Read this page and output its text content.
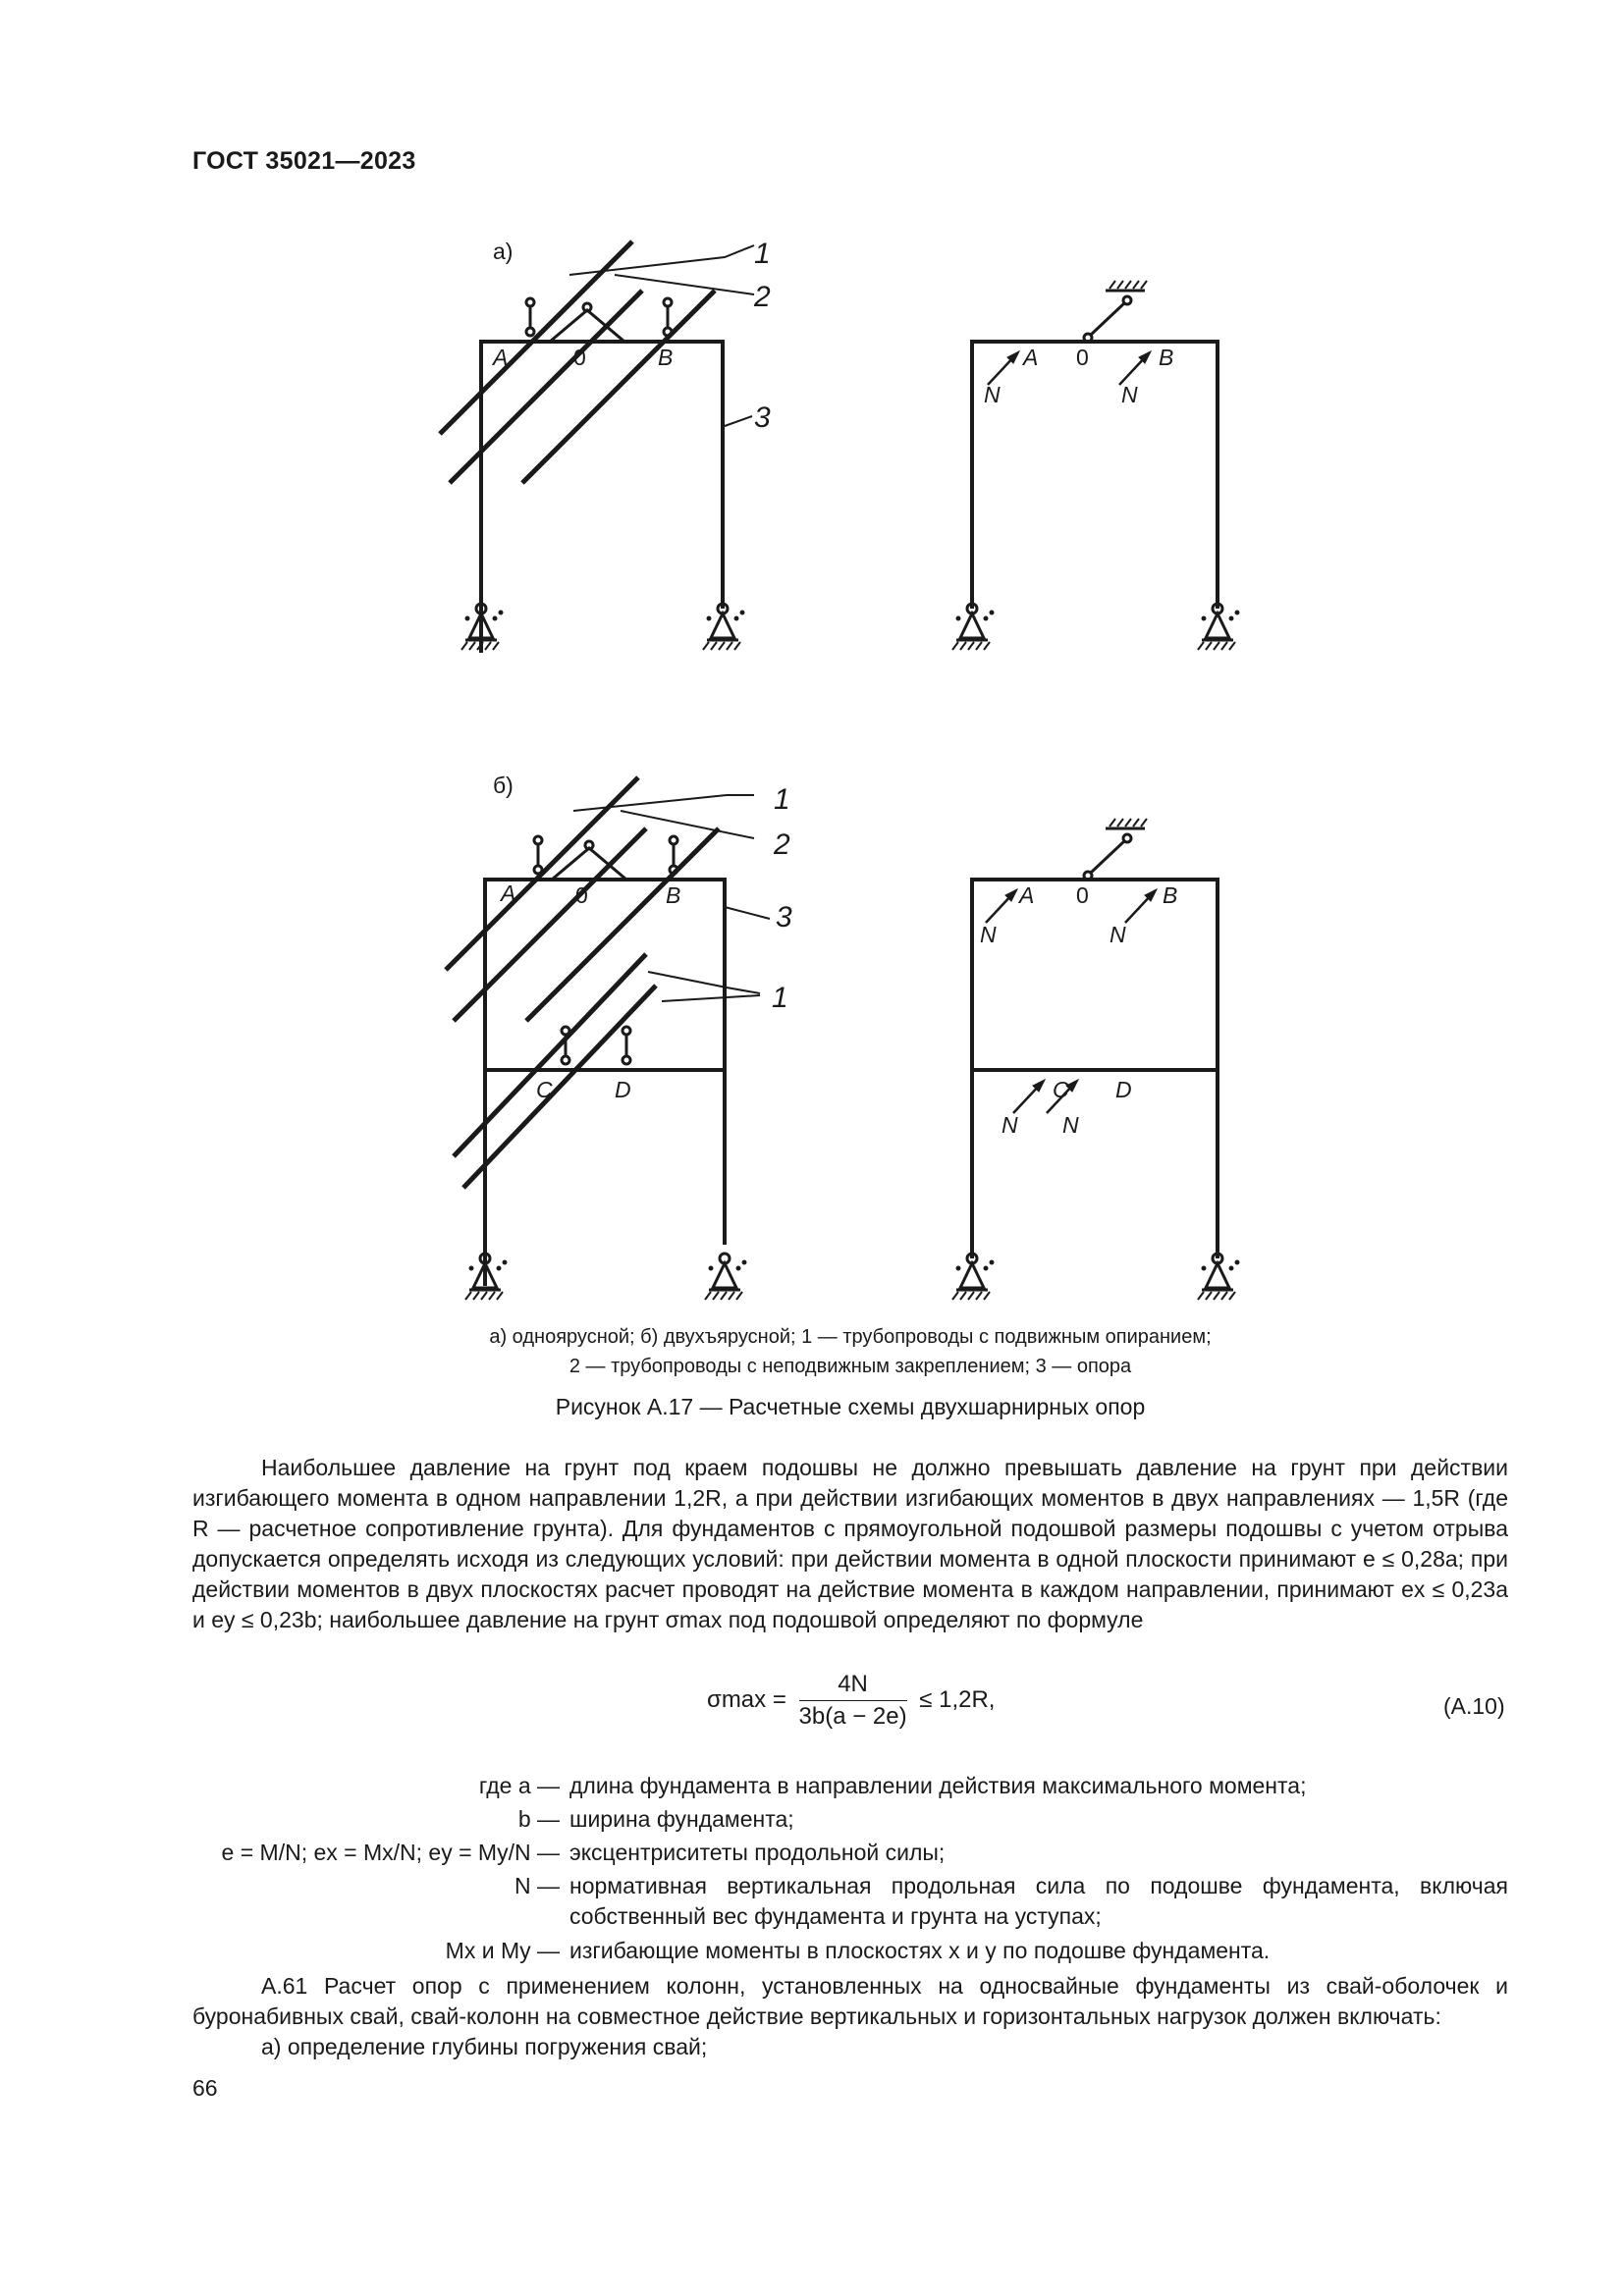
ГОСТ 35021—2023
а)
A	0	B
1
2
3
A 0	B
N	N
б)
A	0	B
C	D
1
2
3
1
A 0	B
N	N
C D
N N
а) одноярусной; б) двухъярусной; 1 — трубопроводы с подвижным опиранием;
2 — трубопроводы с неподвижным закреплением; 3 — опора
Рисунок А.17 — Расчетные схемы двухшарнирных опор

Наибольшее давление на грунт под краем подошвы не должно превышать давление на грунт при действии изгибающего момента в одном направлении 1,2R, а при действии изгибающих моментов в двух направлениях — 1,5R (где R — расчетное сопротивление грунта). Для фундаментов с прямоугольной подошвой размеры подошвы с учетом отрыва допускается определять исходя из следующих условий: при действии момента в одной плоскости принимают e ≤ 0,28a; при действии моментов в двух плоскостях расчет проводят на действие момента в каждом направлении, принимают ex ≤ 0,23a и ey ≤ 0,23b; наибольшее давление на грунт σmax под подошвой определяют по формуле

$\sigma\max = \frac{4N}{3b(a - 2e)} \le 1,2R$,	(А.10)
где a — длина фундамента в направлении действия максимального момента;
b — ширина фундамента;
e = M/N; ex = Mx/N; ey = My/N — эксцентриситеты продольной силы;
N — нормативная вертикальная продольная сила по подошве фундамента, включая собственный вес фундамента и грунта на уступах;
Mx и My — изгибающие моменты в плоскостях x и y по подошве фундамента.

А.61 Расчет опор с применением колонн, установленных на односвайные фундаменты из свай-оболочек и буронабивных свай, свай-колонн на совместное действие вертикальных и горизонтальных нагрузок должен включать:

а) определение глубины погружения свай;

66
